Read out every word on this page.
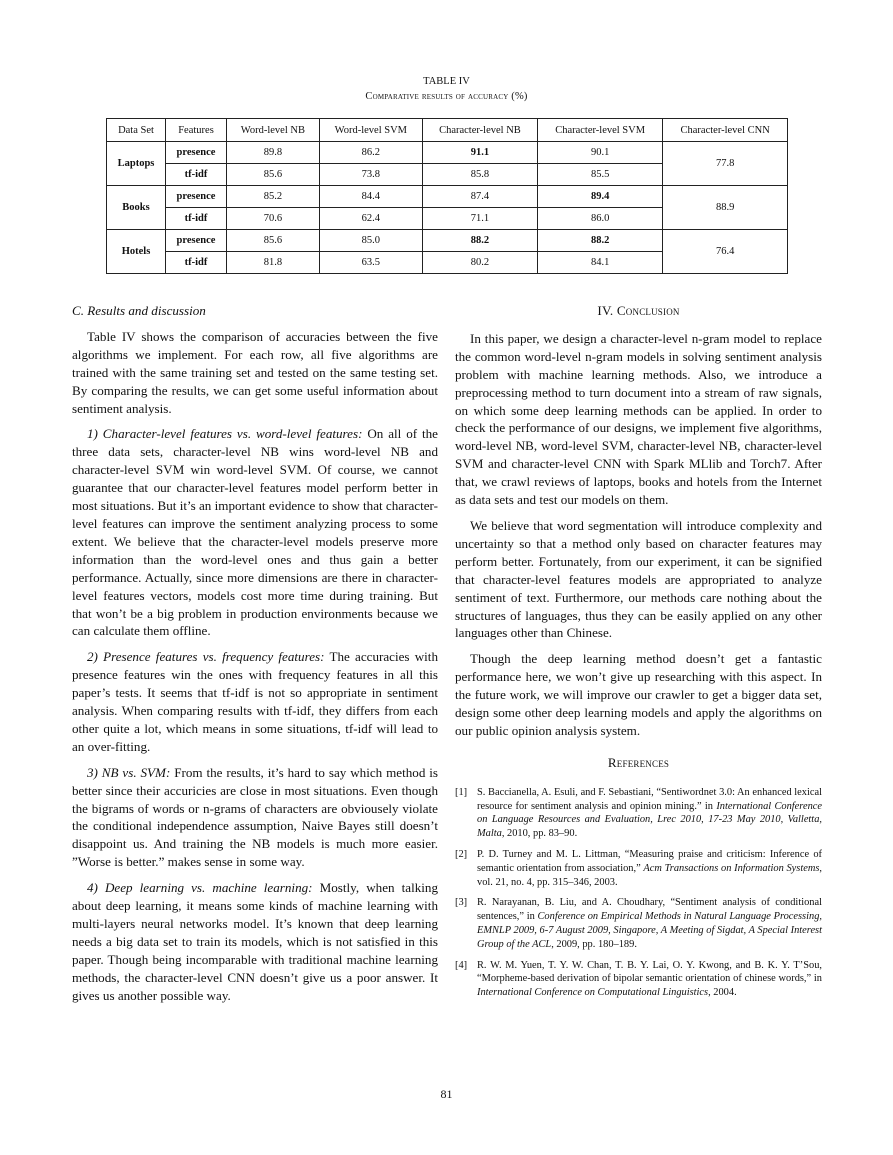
TABLE IV
Comparative results of accuracy (%)
Data Set	Features	Word-level NB	Word-level SVM	Character-level NB	Character-level SVM	Character-level CNN
Laptops	presence	89.8	86.2	91.1	90.1	77.8
	tf-idf	85.6	73.8	85.8	85.5	
Books	presence	85.2	84.4	87.4	89.4	88.9
	tf-idf	70.6	62.4	71.1	86.0	
Hotels	presence	85.6	85.0	88.2	88.2	76.4
	tf-idf	81.8	63.5	80.2	84.1	

C. Results and discussion

Table IV shows the comparison of accuracies between the five algorithms we implement. For each row, all five algorithms are trained with the same training set and tested on the same testing set. By comparing the results, we can get some useful information about sentiment analysis.

1) Character-level features vs. word-level features: On all of the three data sets, character-level NB wins word-level NB and character-level SVM win word-level SVM. Of course, we cannot guarantee that our character-level features model perform better in most situations. But it’s an important evidence to show that character-level features can improve the sentiment analyzing process to some extent. We believe that the character-level models preserve more information than the word-level ones and thus gain a better performance. Actually, since more dimensions are there in character-level features vectors, models cost more time during training. But that won’t be a big problem in production environments because we can calculate them offline.

2) Presence features vs. frequency features: The accuracies with presence features win the ones with frequency features in all this paper’s tests. It seems that tf-idf is not so appropriate in sentiment analysis. When comparing results with tf-idf, they differs from each other quite a lot, which means in some situations, tf-idf will lead to an over-fitting.

3) NB vs. SVM: From the results, it’s hard to say which method is better since their accuricies are close in most situations. Even though the bigrams of words or n-grams of characters are obviousely violate the conditional independence assumption, Naive Bayes still doesn’t disappoint us. And training the NB models is much more easier. ”Worse is better.” makes sense in some way.

4) Deep learning vs. machine learning: Mostly, when talking about deep learning, it means some kinds of machine learning with multi-layers neural networks model. It’s known that deep learning needs a big data set to train its models, which is not satisfied in this paper. Though being incomparable with traditional machine learning methods, the character-level CNN doesn’t give us a poor answer. It gives us another possible way.

IV. Conclusion

In this paper, we design a character-level n-gram model to replace the common word-level n-gram models in solving sentiment analysis problem with machine learning methods. Also, we introduce a preprocessing method to turn document into a stream of raw signals, on which some deep learning methods can be applied. In order to check the performance of our designs, we implement five algorithms, word-level NB, word-level SVM, character-level NB, character-level SVM and character-level CNN with Spark MLlib and Torch7. After that, we crawl reviews of laptops, books and hotels from the Internet as data sets and test our models on them.

We believe that word segmentation will introduce complexity and uncertainty so that a method only based on character features may perform better. Fortunately, from our experiment, it can be signified that character-level features models are appropriated to analyze sentiment of text. Furthermore, our methods care nothing about the structures of languages, thus they can be easily applied on any other languages other than Chinese.

Though the deep learning method doesn’t get a fantastic performance here, we won’t give up researching with this aspect. In the future work, we will improve our crawler to get a bigger data set, design some other deep learning models and apply the algorithms on our public opinion analysis system.

References
[1] S. Baccianella, A. Esuli, and F. Sebastiani, “Sentiwordnet 3.0: An enhanced lexical resource for sentiment analysis and opinion mining.” in International Conference on Language Resources and Evaluation, Lrec 2010, 17-23 May 2010, Valletta, Malta, 2010, pp. 83–90.
[2] P. D. Turney and M. L. Littman, “Measuring praise and criticism: Inference of semantic orientation from association,” Acm Transactions on Information Systems, vol. 21, no. 4, pp. 315–346, 2003.
[3] R. Narayanan, B. Liu, and A. Choudhary, “Sentiment analysis of conditional sentences,” in Conference on Empirical Methods in Natural Language Processing, EMNLP 2009, 6-7 August 2009, Singapore, A Meeting of Sigdat, A Special Interest Group of the ACL, 2009, pp. 180–189.
[4] R. W. M. Yuen, T. Y. W. Chan, T. B. Y. Lai, O. Y. Kwong, and B. K. Y. T’Sou, “Morpheme-based derivation of bipolar semantic orientation of chinese words,” in International Conference on Computational Linguistics, 2004.
81
